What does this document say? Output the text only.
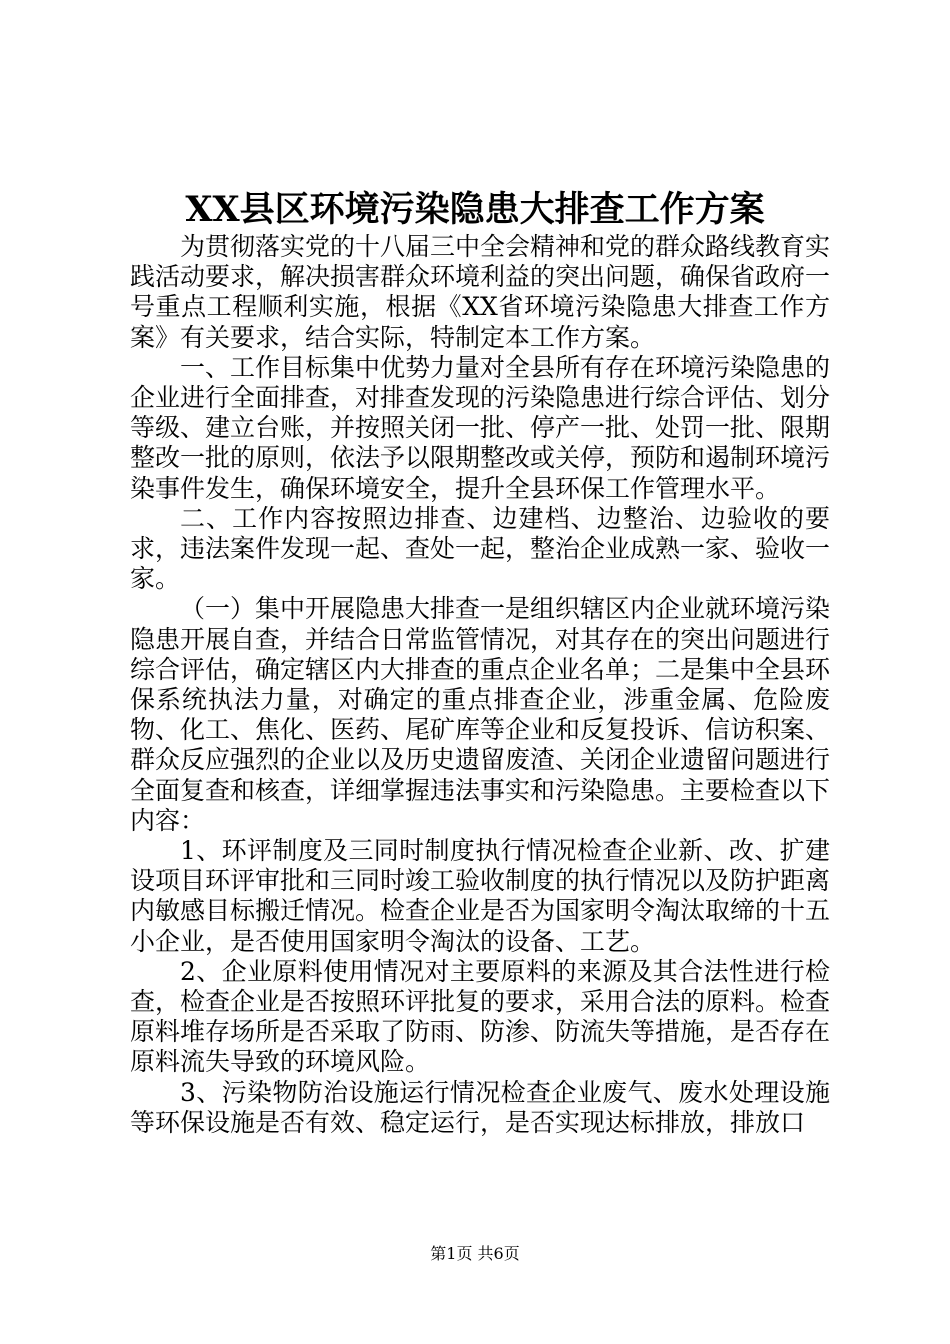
XX县区环境污染隐患大排查工作方案

为贯彻落实党的十八届三中全会精神和党的群众路线教育实践活动要求，解决损害群众环境利益的突出问题，确保省政府一号重点工程顺利实施，根据《XX省环境污染隐患大排查工作方案》有关要求，结合实际，特制定本工作方案。

一、工作目标集中优势力量对全县所有存在环境污染隐患的企业进行全面排查，对排查发现的污染隐患进行综合评估、划分等级、建立台账，并按照关闭一批、停产一批、处罚一批、限期整改一批的原则，依法予以限期整改或关停，预防和遏制环境污染事件发生，确保环境安全，提升全县环保工作管理水平。

二、工作内容按照边排查、边建档、边整治、边验收的要求，违法案件发现一起、查处一起，整治企业成熟一家、验收一家。

（一）集中开展隐患大排查一是组织辖区内企业就环境污染隐患开展自查，并结合日常监管情况，对其存在的突出问题进行综合评估，确定辖区内大排查的重点企业名单；二是集中全县环保系统执法力量，对确定的重点排查企业，涉重金属、危险废物、化工、焦化、医药、尾矿库等企业和反复投诉、信访积案、群众反应强烈的企业以及历史遗留废渣、关闭企业遗留问题进行全面复查和核查，详细掌握违法事实和污染隐患。主要检查以下内容：

1、环评制度及三同时制度执行情况检查企业新、改、扩建设项目环评审批和三同时竣工验收制度的执行情况以及防护距离内敏感目标搬迁情况。检查企业是否为国家明令淘汰取缔的十五小企业，是否使用国家明令淘汰的设备、工艺。

2、企业原料使用情况对主要原料的来源及其合法性进行检查，检查企业是否按照环评批复的要求，采用合法的原料。检查原料堆存场所是否采取了防雨、防渗、防流失等措施，是否存在原料流失导致的环境风险。

3、污染物防治设施运行情况检查企业废气、废水处理设施等环保设施是否有效、稳定运行，是否实现达标排放，排放口

第1页 共6页
